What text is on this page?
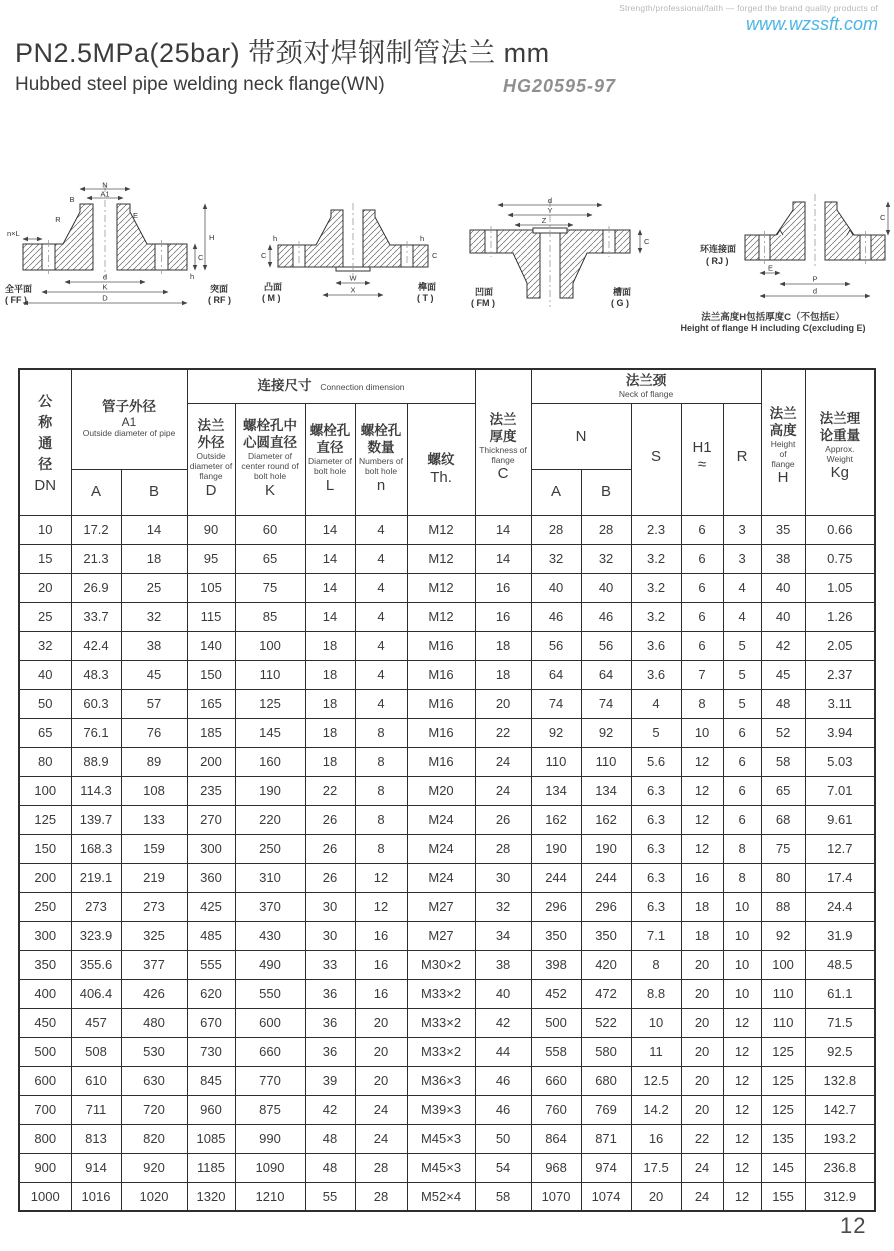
Strength/professional/faith — forged the brand quality products of
www.wzssft.com
PN2.5MPa(25bar) 带颈对焊钢制管法兰 mm
Hubbed steel pipe welding neck flange(WN)	HG20595-97
N
A1
B
R
n×L
E
H
C
h
d
K
D
全平面
( FF )
突面
( RF )
C
h
W
X
C
h
凸面
( M )
榫面
( T )
d
Y
Z
C
凹面
( FM )
槽面
( G )
E
P
d
C
环连接面
( RJ )
法兰高度H包括厚度C（不包括E）
Height of flange H including C(excluding E)
公称通径
DN

管子外径
A1
Outside diameter of pipe
	连接尺寸 Connection dimension	
法兰厚度
Thickness of flange
C

法兰颈
Neck of flange

法兰高度
Height of flange
H

法兰理论重量
Approx. Weight
Kg

法兰外径
Outside diameter of flange
D

螺栓孔中心圆直径
Diameter of center round of bolt hole
K

螺栓孔直径
Diameter of bolt hole
L

螺栓孔数量
Numbers of bolt hole
n

螺纹
Th.

N

S	H1
≈	R

	A	B							A	B					
10	17.2	14	90	60	14	4	M12	14	28	28	2.3	6	3	35	0.66
15	21.3	18	95	65	14	4	M12	14	32	32	3.2	6	3	38	0.75
20	26.9	25	105	75	14	4	M12	16	40	40	3.2	6	4	40	1.05
25	33.7	32	115	85	14	4	M12	16	46	46	3.2	6	4	40	1.26
32	42.4	38	140	100	18	4	M16	18	56	56	3.6	6	5	42	2.05
40	48.3	45	150	110	18	4	M16	18	64	64	3.6	7	5	45	2.37
50	60.3	57	165	125	18	4	M16	20	74	74	4	8	5	48	3.11
65	76.1	76	185	145	18	8	M16	22	92	92	5	10	6	52	3.94
80	88.9	89	200	160	18	8	M16	24	110	110	5.6	12	6	58	5.03
100	114.3	108	235	190	22	8	M20	24	134	134	6.3	12	6	65	7.01
125	139.7	133	270	220	26	8	M24	26	162	162	6.3	12	6	68	9.61
150	168.3	159	300	250	26	8	M24	28	190	190	6.3	12	8	75	12.7
200	219.1	219	360	310	26	12	M24	30	244	244	6.3	16	8	80	17.4
250	273	273	425	370	30	12	M27	32	296	296	6.3	18	10	88	24.4
300	323.9	325	485	430	30	16	M27	34	350	350	7.1	18	10	92	31.9
350	355.6	377	555	490	33	16	M30×2	38	398	420	8	20	10	100	48.5
400	406.4	426	620	550	36	16	M33×2	40	452	472	8.8	20	10	110	61.1
450	457	480	670	600	36	20	M33×2	42	500	522	10	20	12	110	71.5
500	508	530	730	660	36	20	M33×2	44	558	580	11	20	12	125	92.5
600	610	630	845	770	39	20	M36×3	46	660	680	12.5	20	12	125	132.8
700	711	720	960	875	42	24	M39×3	46	760	769	14.2	20	12	125	142.7
800	813	820	1085	990	48	24	M45×3	50	864	871	16	22	12	135	193.2
900	914	920	1185	1090	48	28	M45×3	54	968	974	17.5	24	12	145	236.8
1000	1016	1020	1320	1210	55	28	M52×4	58	1070	1074	20	24	12	155	312.9
12
